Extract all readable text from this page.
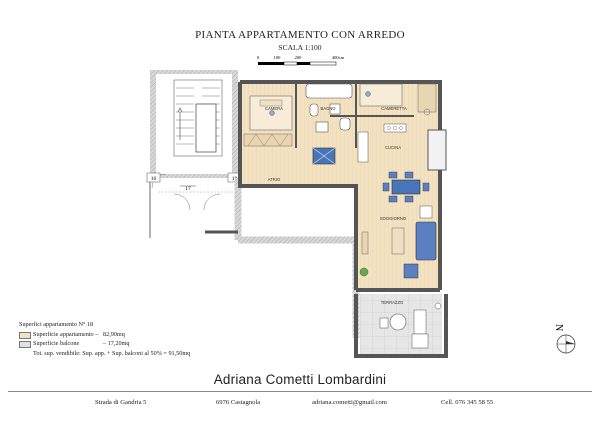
PIANTA APPARTAMENTO CON ARREDO
SCALA 1:100
0	100	200	400cm
16
17
18
CAMERA	BAGNO	CAMERETTA
CUCINA
ATRIO
SOGGIORNO
TERRAZZO
N
Superfici appartamento N° 18
Superficie appartamento – 82,90mq
Superficie balcone	– 17,20mq
Tot. sup. vendibile: Sup. app. + Sup. balconi al 50% = 91,50mq
Adriana Cometti Lombardini
Strada di Gandria 5	6976 Castagnola	adriana.cometti@gmail.com	Cell. 076 345 58 55
